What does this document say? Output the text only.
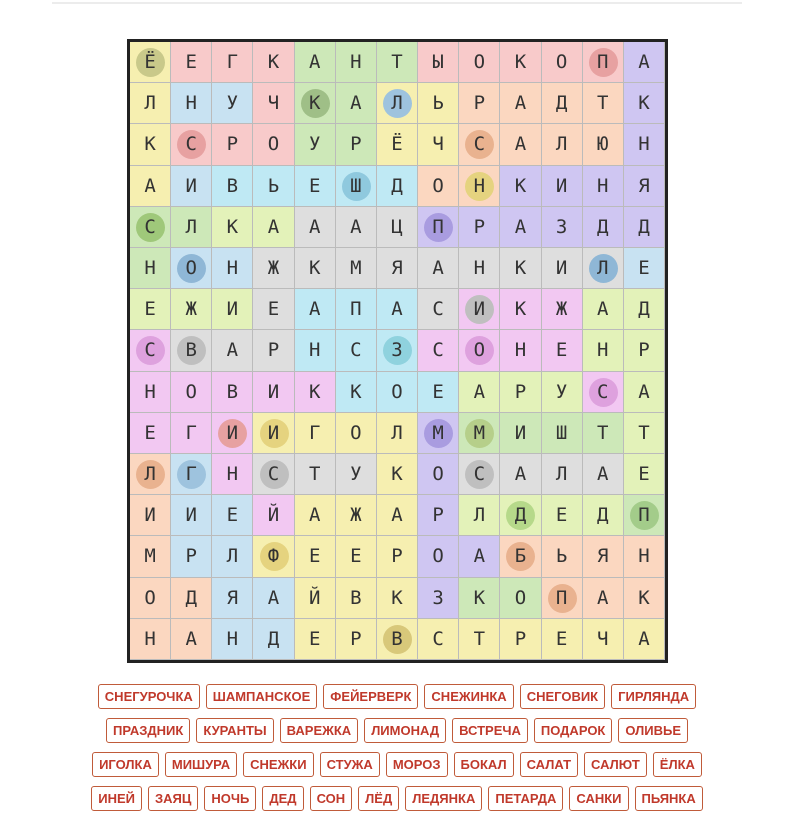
Ё Е Г К А Н Т Ы О К О П А
Л Н У Ч К А Л Ь Р А Д Т К
К С Р О У Р Ё Ч С А Л Ю Н
А И В Ь Е Ш Д О Н К И Н Я
С Л К А А А Ц П Р А З Д Д
Н О Н Ж К М Я А Н К И Л Е
Е Ж И Е А П А С И К Ж А Д
С В А Р Н С З С О Н Е Н Р
Н О В И К К О Е А Р У С А
Е Г И И Г О Л М М И Ш Т Т
Л Г Н С Т У К О С А Л А Е
И И Е Й А Ж А Р Л Д Е Д П
М Р Л Ф Е Е Р О А Б Ь Я Н
О Д Я А Й В К З К О П А К
Н А Н Д Е Р В С Т Р Е Ч А
СНЕГУРОЧКА	ШАМПАНСКОЕ	ФЕЙЕРВЕРК	СНЕЖИНКА	СНЕГОВИК	ГИРЛЯНДА
ПРАЗДНИК	КУРАНТЫ	ВАРЕЖКА	ЛИМОНАД	ВСТРЕЧА	ПОДАРОК	ОЛИВЬЕ
ИГОЛКА	МИШУРА	СНЕЖКИ	СТУЖА	МОРОЗ	БОКАЛ	САЛАТ	САЛЮТ	ЁЛКА
ИНЕЙ	ЗАЯЦ	НОЧЬ	ДЕД	СОН	ЛЁД	ЛЕДЯНКА	ПЕТАРДА	САНКИ	ПЬЯНКА
